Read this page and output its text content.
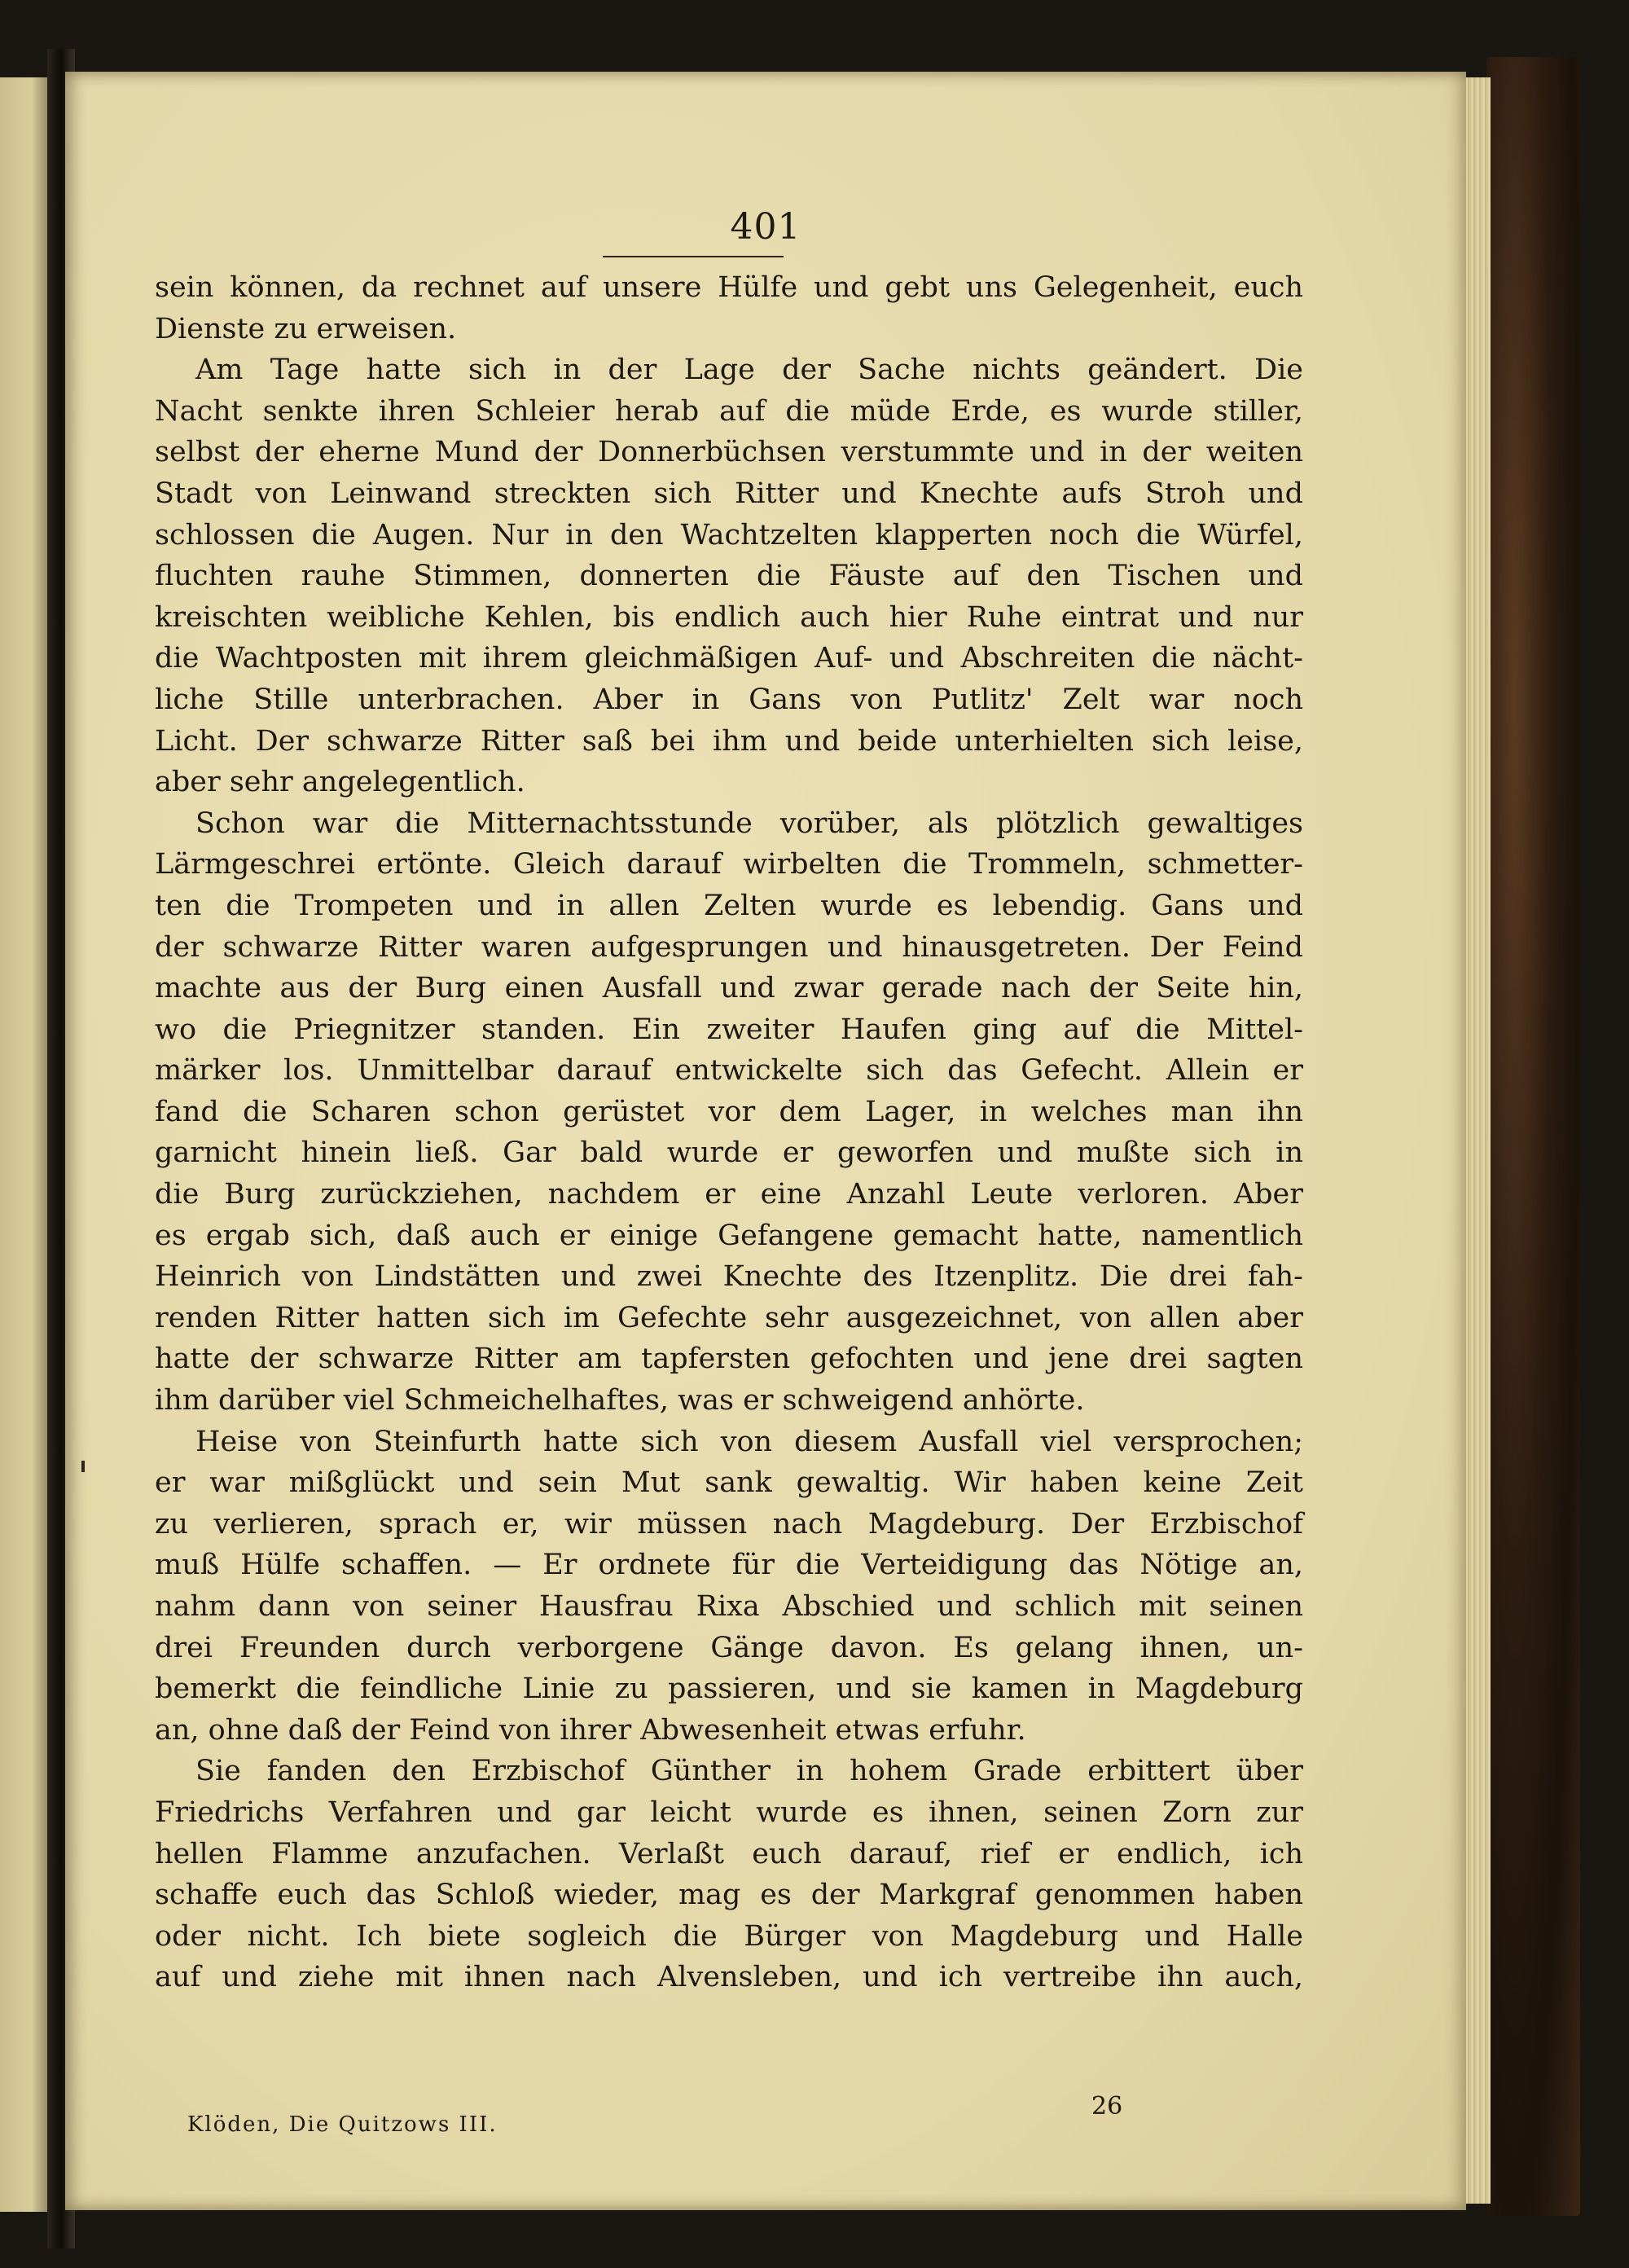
401
sein können, da rechnet auf unsere Hülfe und gebt uns Gelegenheit, euch
Dienste zu erweisen.
Am Tage hatte sich in der Lage der Sache nichts geändert. Die
Nacht senkte ihren Schleier herab auf die müde Erde, es wurde stiller,
selbst der eherne Mund der Donnerbüchsen verstummte und in der weiten
Stadt von Leinwand streckten sich Ritter und Knechte aufs Stroh und
schlossen die Augen. Nur in den Wachtzelten klapperten noch die Würfel,
fluchten rauhe Stimmen, donnerten die Fäuste auf den Tischen und
kreischten weibliche Kehlen, bis endlich auch hier Ruhe eintrat und nur
die Wachtposten mit ihrem gleichmäßigen Auf- und Abschreiten die nächt-
liche Stille unterbrachen. Aber in Gans von Putlitz' Zelt war noch
Licht. Der schwarze Ritter saß bei ihm und beide unterhielten sich leise,
aber sehr angelegentlich.
Schon war die Mitternachtsstunde vorüber, als plötzlich gewaltiges
Lärmgeschrei ertönte. Gleich darauf wirbelten die Trommeln, schmetter-
ten die Trompeten und in allen Zelten wurde es lebendig. Gans und
der schwarze Ritter waren aufgesprungen und hinausgetreten. Der Feind
machte aus der Burg einen Ausfall und zwar gerade nach der Seite hin,
wo die Priegnitzer standen. Ein zweiter Haufen ging auf die Mittel-
märker los. Unmittelbar darauf entwickelte sich das Gefecht. Allein er
fand die Scharen schon gerüstet vor dem Lager, in welches man ihn
garnicht hinein ließ. Gar bald wurde er geworfen und mußte sich in
die Burg zurückziehen, nachdem er eine Anzahl Leute verloren. Aber
es ergab sich, daß auch er einige Gefangene gemacht hatte, namentlich
Heinrich von Lindstätten und zwei Knechte des Itzenplitz. Die drei fah-
renden Ritter hatten sich im Gefechte sehr ausgezeichnet, von allen aber
hatte der schwarze Ritter am tapfersten gefochten und jene drei sagten
ihm darüber viel Schmeichelhaftes, was er schweigend anhörte.
Heise von Steinfurth hatte sich von diesem Ausfall viel versprochen;
er war mißglückt und sein Mut sank gewaltig. Wir haben keine Zeit
zu verlieren, sprach er, wir müssen nach Magdeburg. Der Erzbischof
muß Hülfe schaffen. — Er ordnete für die Verteidigung das Nötige an,
nahm dann von seiner Hausfrau Rixa Abschied und schlich mit seinen
drei Freunden durch verborgene Gänge davon. Es gelang ihnen, un-
bemerkt die feindliche Linie zu passieren, und sie kamen in Magdeburg
an, ohne daß der Feind von ihrer Abwesenheit etwas erfuhr.
Sie fanden den Erzbischof Günther in hohem Grade erbittert über
Friedrichs Verfahren und gar leicht wurde es ihnen, seinen Zorn zur
hellen Flamme anzufachen. Verlaßt euch darauf, rief er endlich, ich
schaffe euch das Schloß wieder, mag es der Markgraf genommen haben
oder nicht. Ich biete sogleich die Bürger von Magdeburg und Halle
auf und ziehe mit ihnen nach Alvensleben, und ich vertreibe ihn auch,
Klöden, Die Quitzows III.
26
